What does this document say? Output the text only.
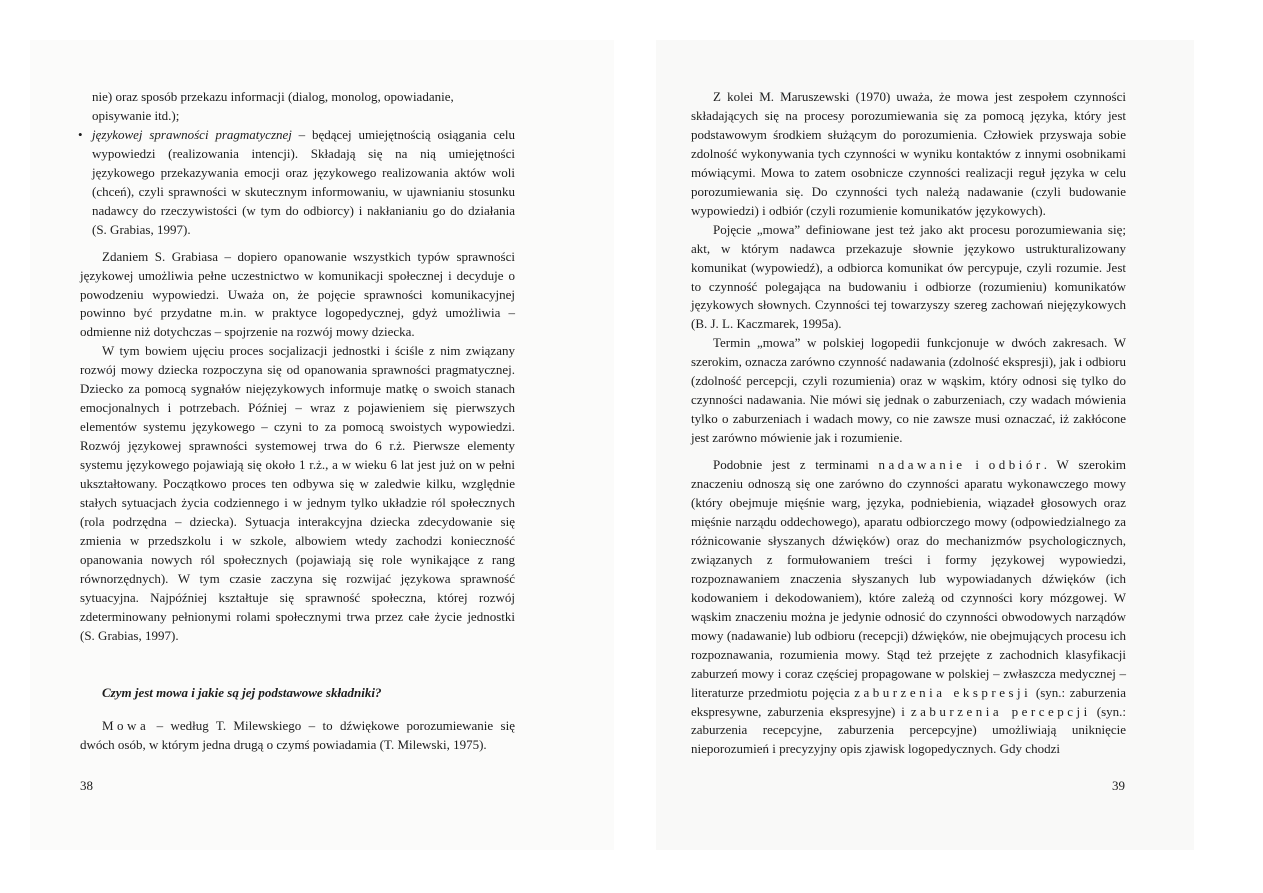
nie) oraz sposób przekazu informacji (dialog, monolog, opowiadanie,

opisywanie itd.);

• językowej sprawności pragmatycznej – będącej umiejętnością osiągania celu wypowiedzi (realizowania intencji). Składają się na nią umiejętności językowego przekazywania emocji oraz językowego realizowania aktów woli (chceń), czyli sprawności w skutecznym informowaniu, w ujawnianiu stosunku nadawcy do rzeczywistości (w tym do odbiorcy) i nakłanianiu go do działania (S. Grabias, 1997).

Zdaniem S. Grabiasa – dopiero opanowanie wszystkich typów sprawności językowej umożliwia pełne uczestnictwo w komunikacji społecznej i decyduje o powodzeniu wypowiedzi. Uważa on, że pojęcie sprawności komunikacyjnej powinno być przydatne m.in. w praktyce logopedycznej, gdyż umożliwia – odmienne niż dotychczas – spojrzenie na rozwój mowy dziecka.

W tym bowiem ujęciu proces socjalizacji jednostki i ściśle z nim związany rozwój mowy dziecka rozpoczyna się od opanowania sprawności pragmatycznej. Dziecko za pomocą sygnałów niejęzykowych informuje matkę o swoich stanach emocjonalnych i potrzebach. Później – wraz z pojawieniem się pierwszych elementów systemu językowego – czyni to za pomocą swoistych wypowiedzi. Rozwój językowej sprawności systemowej trwa do 6 r.ż. Pierwsze elementy systemu językowego pojawiają się około 1 r.ż., a w wieku 6 lat jest już on w pełni ukształtowany. Początkowo proces ten odbywa się w zaledwie kilku, względnie stałych sytuacjach życia codziennego i w jednym tylko układzie ról społecznych (rola podrzędna – dziecka). Sytuacja interakcyjna dziecka zdecydowanie się zmienia w przedszkolu i w szkole, albowiem wtedy zachodzi konieczność opanowania nowych ról społecznych (pojawiają się role wynikające z rang równorzędnych). W tym czasie zaczyna się rozwijać językowa sprawność sytuacyjna. Najpóźniej kształtuje się sprawność społeczna, której rozwój zdeterminowany pełnionymi rolami społecznymi trwa przez całe życie jednostki (S. Grabias, 1997).

Czym jest mowa i jakie są jej podstawowe składniki?

Mowa – według T. Milewskiego – to dźwiękowe porozumiewanie się dwóch osób, w którym jedna drugą o czymś powiadamia (T. Milewski, 1975).

38

Z kolei M. Maruszewski (1970) uważa, że mowa jest zespołem czynności składających się na procesy porozumiewania się za pomocą języka, który jest podstawowym środkiem służącym do porozumienia. Człowiek przyswaja sobie zdolność wykonywania tych czynności w wyniku kontaktów z innymi osobnikami mówiącymi. Mowa to zatem osobnicze czynności realizacji reguł języka w celu porozumiewania się. Do czynności tych należą nadawanie (czyli budowanie wypowiedzi) i odbiór (czyli rozumienie komunikatów językowych).

Pojęcie „mowa” definiowane jest też jako akt procesu porozumiewania się; akt, w którym nadawca przekazuje słownie językowo ustrukturalizowany komunikat (wypowiedź), a odbiorca komunikat ów percypuje, czyli rozumie. Jest to czynność polegająca na budowaniu i odbiorze (rozumieniu) komunikatów językowych słownych. Czynności tej towarzyszy szereg zachowań niejęzykowych (B. J. L. Kaczmarek, 1995a).

Termin „mowa” w polskiej logopedii funkcjonuje w dwóch zakresach. W szerokim, oznacza zarówno czynność nadawania (zdolność ekspresji), jak i odbioru (zdolność percepcji, czyli rozumienia) oraz w wąskim, który odnosi się tylko do czynności nadawania. Nie mówi się jednak o zaburzeniach, czy wadach mówienia tylko o zaburzeniach i wadach mowy, co nie zawsze musi oznaczać, iż zakłócone jest zarówno mówienie jak i rozumienie.

Podobnie jest z terminami nadawanie i odbiór. W szerokim znaczeniu odnoszą się one zarówno do czynności aparatu wykonawczego mowy (który obejmuje mięśnie warg, języka, podniebienia, wiązadeł głosowych oraz mięśnie narządu oddechowego), aparatu odbiorczego mowy (odpowiedzialnego za różnicowanie słyszanych dźwięków) oraz do mechanizmów psychologicznych, związanych z formułowaniem treści i formy językowej wypowiedzi, rozpoznawaniem znaczenia słyszanych lub wypowiadanych dźwięków (ich kodowaniem i dekodowaniem), które zależą od czynności kory mózgowej. W wąskim znaczeniu można je jedynie odnosić do czynności obwodowych narządów mowy (nadawanie) lub odbioru (recepcji) dźwięków, nie obejmujących procesu ich rozpoznawania, rozumienia mowy. Stąd też przejęte z zachodnich klasyfikacji zaburzeń mowy i coraz częściej propagowane w polskiej – zwłaszcza medycznej – literaturze przedmiotu pojęcia zaburzenia ekspresji (syn.: zaburzenia ekspresywne, zaburzenia ekspresyjne) i zaburzenia percepcji (syn.: zaburzenia recepcyjne, zaburzenia percepcyjne) umożliwiają uniknięcie nieporozumień i precyzyjny opis zjawisk logopedycznych. Gdy chodzi

39
